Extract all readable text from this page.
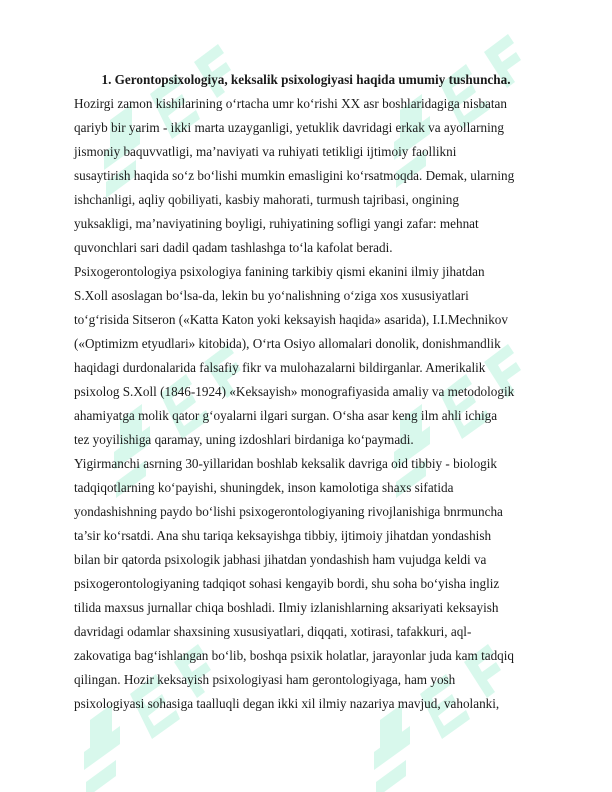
1. Gerontopsixologiya, keksalik psixologiyasi haqida umumiy tushuncha.

Hozirgi zamon kishilarining o‘rtacha umr ko‘rishi XX asr boshlaridagiga nisbatan

qariyb bir yarim - ikki marta uzayganligi, yetuklik davridagi erkak va ayollarning

jismoniy baquvvatligi, ma’naviyati va ruhiyati tetikligi ijtimoiy faollikni

susaytirish haqida so‘z bo‘lishi mumkin emasligini ko‘rsatmoqda. Demak, ularning

ishchanligi, aqliy qobiliyati, kasbiy mahorati, turmush tajribasi, ongining

yuksakligi, ma’naviyatining boyligi, ruhiyatining sofligi yangi zafar: mehnat

quvonchlari sari dadil qadam tashlashga to‘la kafolat beradi.

Psixogerontologiya psixologiya fanining tarkibiy qismi ekanini ilmiy jihatdan

S.Xoll asoslagan bo‘lsa-da, lekin bu yo‘nalishning o‘ziga xos xususiyatlari

to‘g‘risida Sitseron («Katta Katon yoki keksayish haqida» asarida), I.I.Mechnikov

(«Optimizm etyudlari» kitobida), O‘rta Osiyo allomalari donolik, donishmandlik

haqidagi durdonalarida falsafiy fikr va mulohazalarni bildirganlar. Amerikalik

psixolog S.Xoll (1846-1924) «Keksayish» monografiyasida amaliy va metodologik

ahamiyatga molik qator g‘oyalarni ilgari surgan. O‘sha asar keng ilm ahli ichiga

tez yoyilishiga qaramay, uning izdoshlari birdaniga ko‘paymadi.

Yigirmanchi asrning 30-yillaridan boshlab keksalik davriga oid tibbiy - biologik

tadqiqotlarning ko‘payishi, shuningdek, inson kamolotiga shaxs sifatida

yondashishning paydo bo‘lishi psixogerontologiyaning rivojlanishiga bnrmuncha

ta’sir ko‘rsatdi. Ana shu tariqa keksayishga tibbiy, ijtimoiy jihatdan yondashish

bilan bir qatorda psixologik jabhasi jihatdan yondashish ham vujudga keldi va

psixogerontologiyaning tadqiqot sohasi kengayib bordi, shu soha bo‘yisha ingliz

tilida maxsus jurnallar chiqa boshladi. Ilmiy izlanishlarning aksariyati keksayish

davridagi odamlar shaxsining xususiyatlari, diqqati, xotirasi, tafakkuri, aql-

zakovatiga bag‘ishlangan bo‘lib, boshqa psixik holatlar, jarayonlar juda kam tadqiq

qilingan. Hozir keksayish psixologiyasi ham gerontologiyaga, ham yosh

psixologiyasi sohasiga taalluqli degan ikki xil ilmiy nazariya mavjud, vaholanki,
